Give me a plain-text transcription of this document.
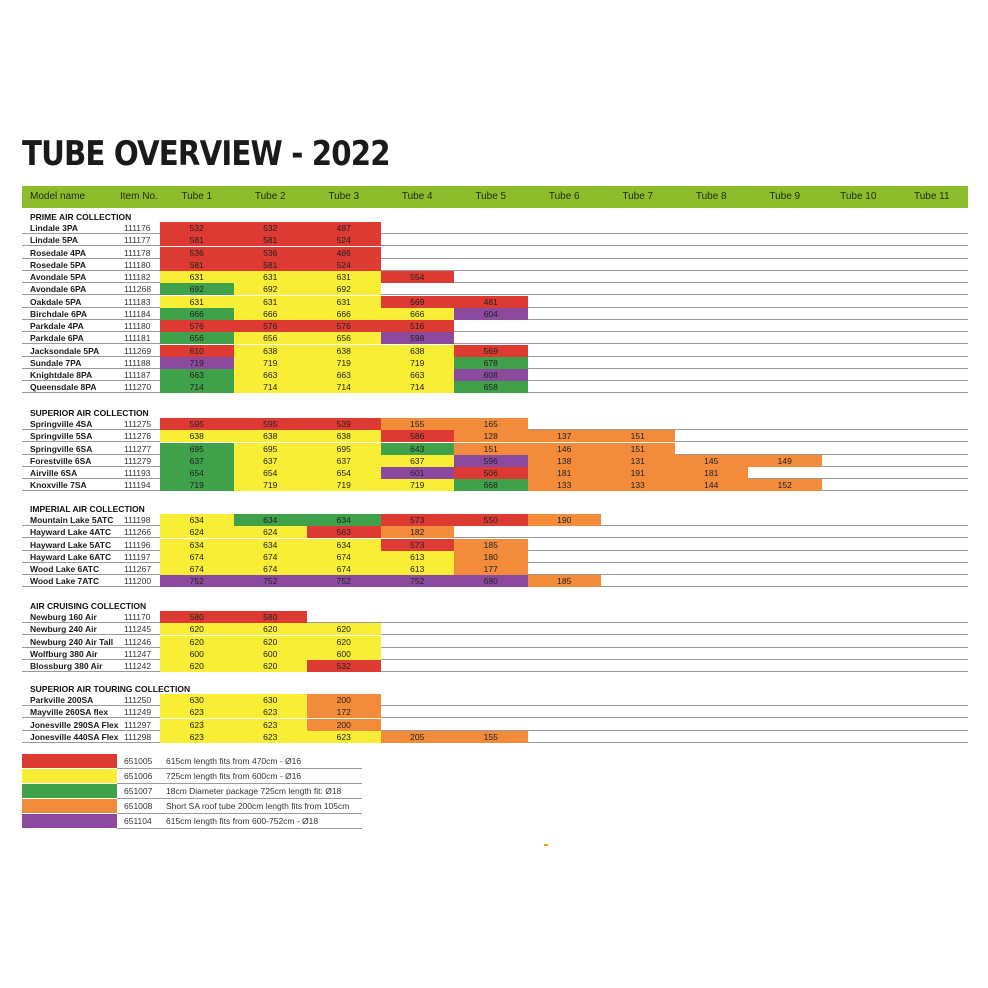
TUBE OVERVIEW - 2022
Model name	Item No.	Tube 1	Tube 2	Tube 3	Tube 4	Tube 5	Tube 6	Tube 7	Tube 8	Tube 9	Tube 10	Tube 11
PRIME AIR COLLECTION
Lindale 3PA	111176	532	532	487
Lindale 5PA	111177	581	581	524
Rosedale 4PA	111178	536	536	486
Rosedale 5PA	111180	581	581	524
Avondale 5PA	111182	631	631	631	554
Avondale 6PA	111268	692	692	692
Oakdale 5PA	111183	631	631	631	569	481
Birchdale 6PA	111184	666	666	666	666	604
Parkdale 4PA	111180	576	576	576	516
Parkdale 6PA	111181	656	656	656	598
Jacksondale 5PA	111269	610	638	638	638	569
Sundale 7PA	111188	719	719	719	719	678
Knightdale 8PA	111187	663	663	663	663	608
Queensdale 8PA	111270	714	714	714	714	658
SUPERIOR AIR COLLECTION
Springville 4SA	111275	595	595	539	155	165
Springville 5SA	111276	638	638	638	586	128	137	151
Springville 6SA	111277	695	695	695	643	151	146	151
Forestville 6SA	111279	637	637	637	637	596	138	131	145	149
Airville 6SA	111193	654	654	654	601	506	181	191	181
Knoxville 7SA	111194	719	719	719	719	668	133	133	144	152
IMPERIAL AIR COLLECTION
Mountain Lake 5ATC 111198	634	634	634	573	550	190
Hayward Lake 4ATC 111266	624	624	563	182
Hayward Lake 5ATC 111196	634	634	634	573	185
Hayward Lake 6ATC 111197	674	674	674	613	180
Wood Lake 6ATC	111267	674	674	674	613	177
Wood Lake 7ATC	111200	752	752	752	752	680	185
AIR CRUISING COLLECTION
Newburg 160 Air	111170	580	580
Newburg 240 Air	111245	620	620	620
Newburg 240 Air Tall 111246	620	620	620
Wolfburg 380 Air	111247	600	600	600
Blossburg 380 Air	111242	620	620	532
SUPERIOR AIR TOURING COLLECTION
Parkville 200SA	111250	630	630	200
Mayville 260SA flex 111249	623	623	172
Jonesville 290SA Flex 111297	623	623	200
Jonesville 440SA Flex 111298	623	623	623	205	155
651005 615cm length fits from 470cm - Ø16
651006 725cm length fits from 600cm - Ø16
651007 18cm Diameter package 725cm length fit: Ø18
651008 Short SA roof tube 200cm length fits from 105cm
651104 615cm length fits from 600-752cm - Ø18
